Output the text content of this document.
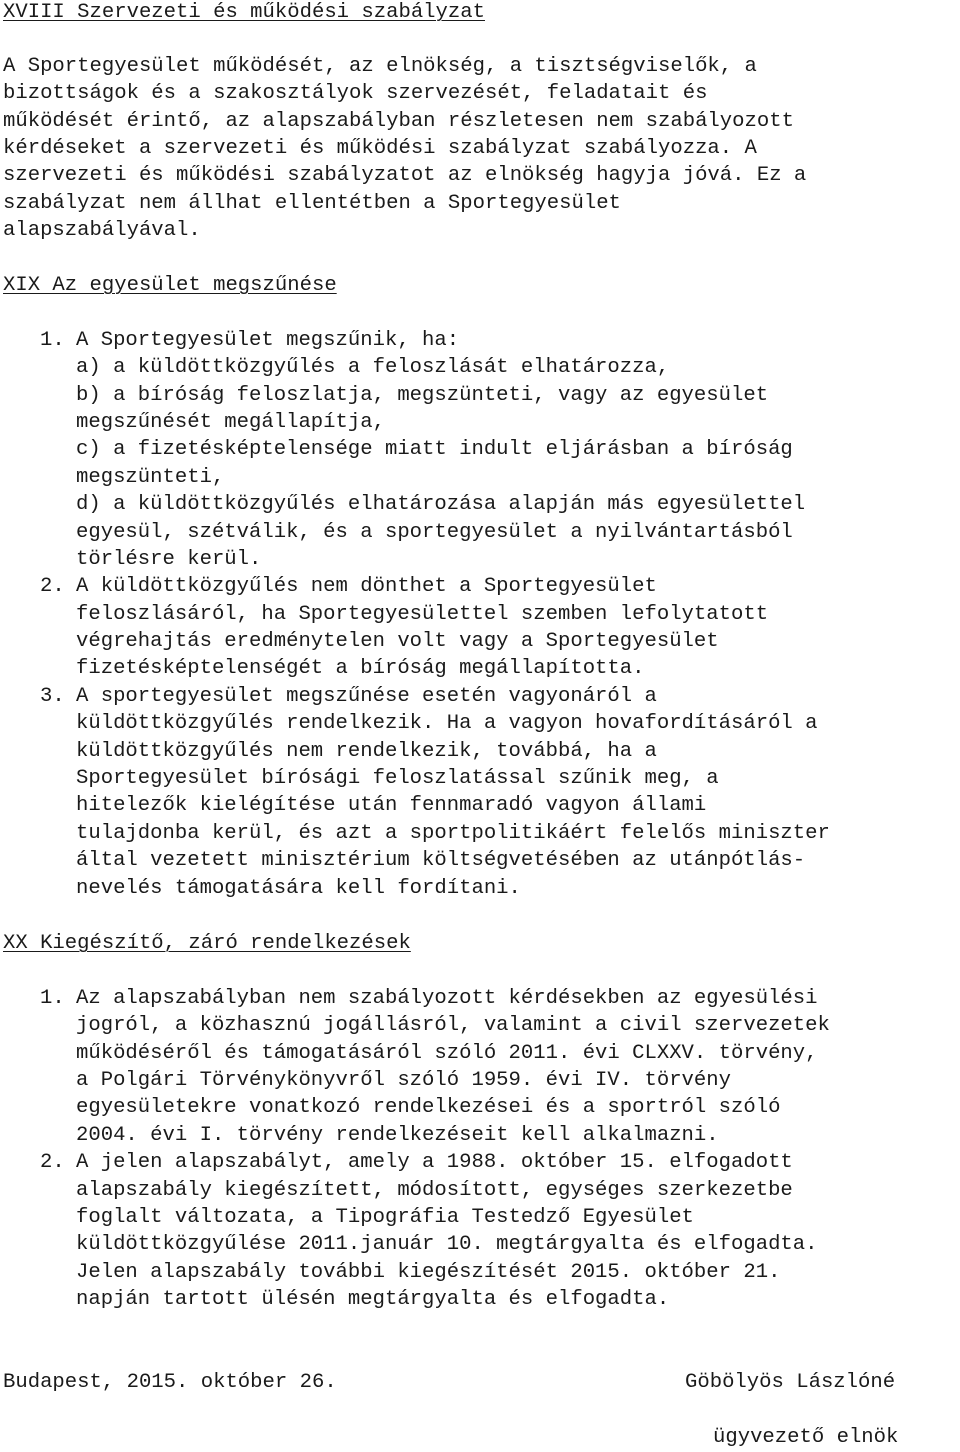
XVIII Szervezeti és működési szabályzat
A Sportegyesület működését, az elnökség, a tisztségviselők, a
bizottságok és a szakosztályok szervezését, feladatait és
működését érintő, az alapszabályban részletesen nem szabályozott
kérdéseket a szervezeti és működési szabályzat szabályozza. A
szervezeti és működési szabályzatot az elnökség hagyja jóvá. Ez a
szabályzat nem állhat ellentétben a Sportegyesület
alapszabályával.
XIX Az egyesület megszűnése
1. A Sportegyesület megszűnik, ha:
a) a küldöttközgyűlés a feloszlását elhatározza,
b) a bíróság feloszlatja, megszünteti, vagy az egyesület
megszűnését megállapítja,
c) a fizetésképtelensége miatt indult eljárásban a bíróság
megszünteti,
d) a küldöttközgyűlés elhatározása alapján más egyesülettel
egyesül, szétválik, és a sportegyesület a nyilvántartásból
törlésre kerül.
2. A küldöttközgyűlés nem dönthet a Sportegyesület
feloszlásáról, ha Sportegyesülettel szemben lefolytatott
végrehajtás eredménytelen volt vagy a Sportegyesület
fizetésképtelenségét a bíróság megállapította.
3. A sportegyesület megszűnése esetén vagyonáról a
küldöttközgyűlés rendelkezik. Ha a vagyon hovafordításáról a
küldöttközgyűlés nem rendelkezik, továbbá, ha a
Sportegyesület bírósági feloszlatással szűnik meg, a
hitelezők kielégítése után fennmaradó vagyon állami
tulajdonba kerül, és azt a sportpolitikáért felelős miniszter
által vezetett minisztérium költségvetésében az utánpótlás-
nevelés támogatására kell fordítani.
XX Kiegészítő, záró rendelkezések
1. Az alapszabályban nem szabályozott kérdésekben az egyesülési
jogról, a közhasznú jogállásról, valamint a civil szervezetek
működéséről és támogatásáról szóló 2011. évi CLXXV. törvény,
a Polgári Törvénykönyvről szóló 1959. évi IV. törvény
egyesületekre vonatkozó rendelkezései és a sportról szóló
2004. évi I. törvény rendelkezéseit kell alkalmazni.
2. A jelen alapszabályt, amely a 1988. október 15. elfogadott
alapszabály kiegészített, módosított, egységes szerkezetbe
foglalt változata, a Tipográfia Testedző Egyesület
küldöttközgyűlése 2011.január 10. megtárgyalta és elfogadta.
Jelen alapszabály további kiegészítését 2015. október 21.
napján tartott ülésén megtárgyalta és elfogadta.
Budapest, 2015. október 26.	Göbölyös Lászlóné
ügyvezető elnök
